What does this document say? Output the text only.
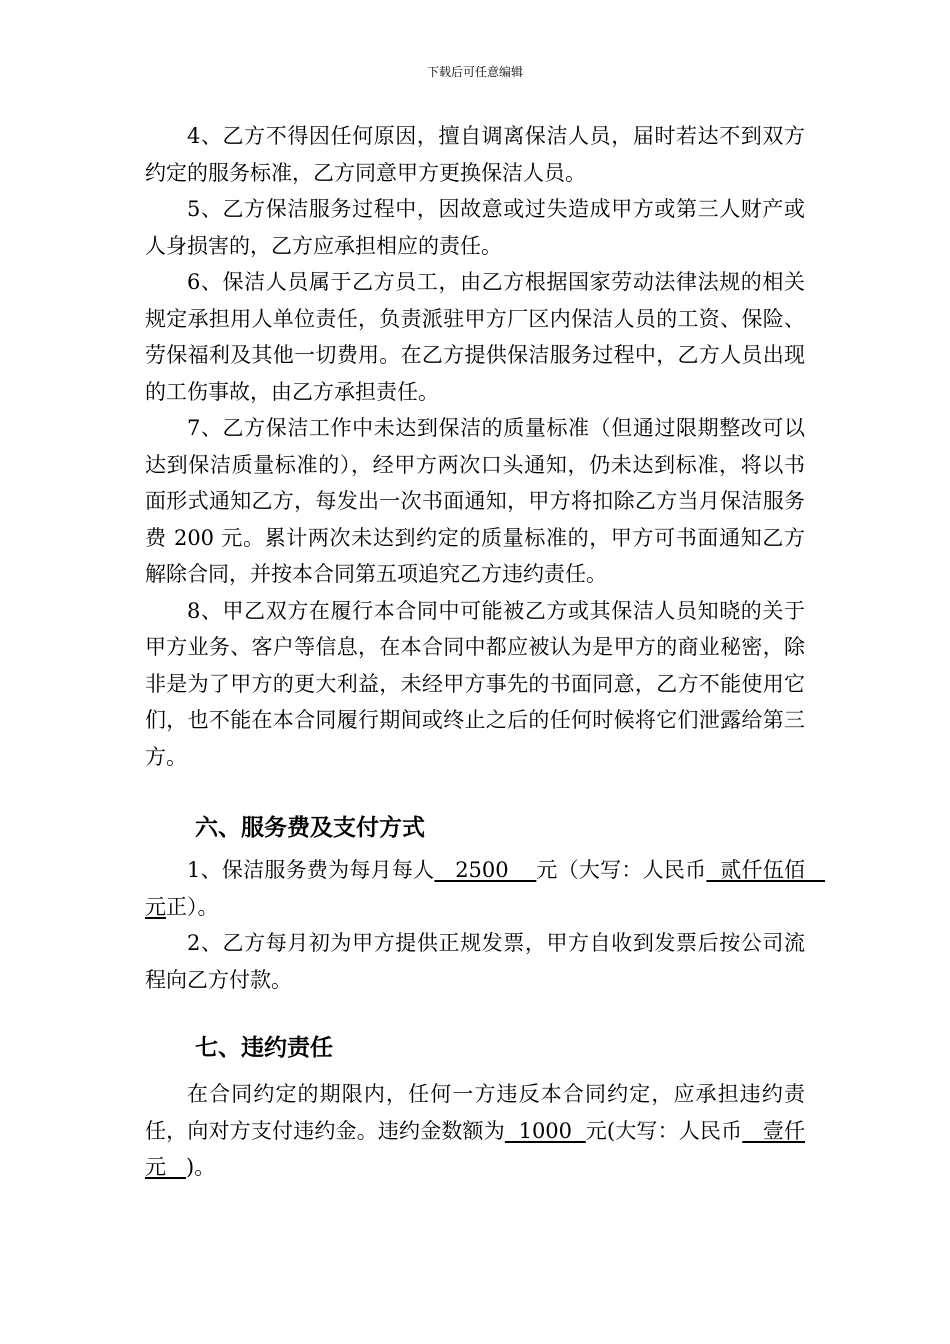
下载后可任意编辑

4、乙方不得因任何原因，擅自调离保洁人员，届时若达不到双方约定的服务标准，乙方同意甲方更换保洁人员。

5、乙方保洁服务过程中，因故意或过失造成甲方或第三人财产或人身损害的，乙方应承担相应的责任。

6、保洁人员属于乙方员工，由乙方根据国家劳动法律法规的相关规定承担用人单位责任，负责派驻甲方厂区内保洁人员的工资、保险、劳保福利及其他一切费用。在乙方提供保洁服务过程中，乙方人员出现的工伤事故，由乙方承担责任。

7、乙方保洁工作中未达到保洁的质量标准（但通过限期整改可以达到保洁质量标准的），经甲方两次口头通知，仍未达到标准，将以书面形式通知乙方，每发出一次书面通知，甲方将扣除乙方当月保洁服务费 200 元。累计两次未达到约定的质量标准的，甲方可书面通知乙方解除合同，并按本合同第五项追究乙方违约责任。

8、甲乙双方在履行本合同中可能被乙方或其保洁人员知晓的关于甲方业务、客户等信息，在本合同中都应被认为是甲方的商业秘密，除非是为了甲方的更大利益，未经甲方事先的书面同意，乙方不能使用它们，也不能在本合同履行期间或终止之后的任何时候将它们泄露给第三方。

六、服务费及支付方式

1、保洁服务费为每月每人   2500    元（大写：人民币  贰仟伍佰   元正）。

2、乙方每月初为甲方提供正规发票，甲方自收到发票后按公司流程向乙方付款。

七、违约责任

在合同约定的期限内，任何一方违反本合同约定，应承担违约责任，向对方支付违约金。违约金数额为  1000  元(大写：人民币   壹仟元   )。
